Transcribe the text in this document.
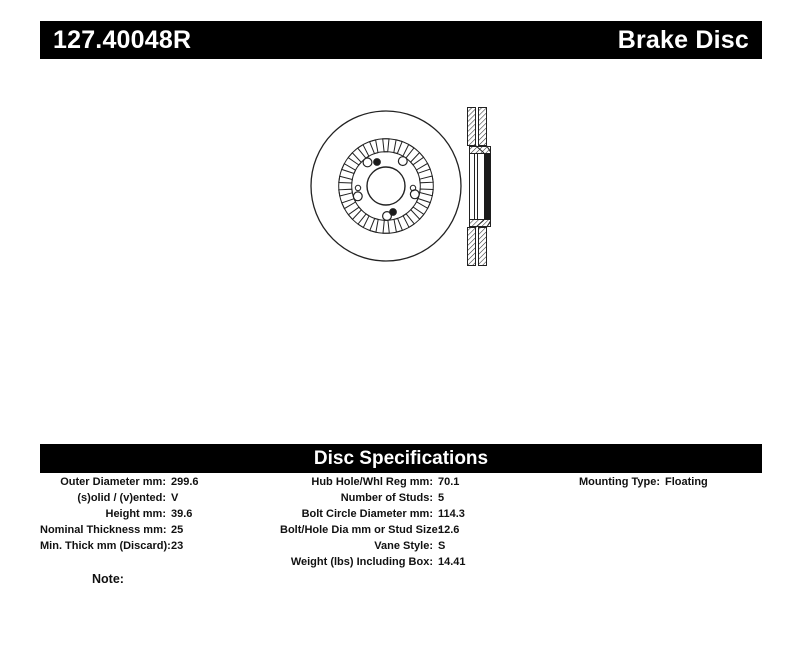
127.40048R	Brake Disc
Disc Specifications
Outer Diameter mm: 299.6
(s)olid / (v)ented: V
Height mm: 39.6
Nominal Thickness mm: 25
Min. Thick mm (Discard): 23
Hub Hole/Whl Reg mm: 70.1
Number of Studs: 5
Bolt Circle Diameter mm: 114.3
Bolt/Hole Dia mm or Stud Size:
12.6
Vane Style: S
Weight (lbs) Including Box: 14.41
Mounting Type: Floating
Note:
